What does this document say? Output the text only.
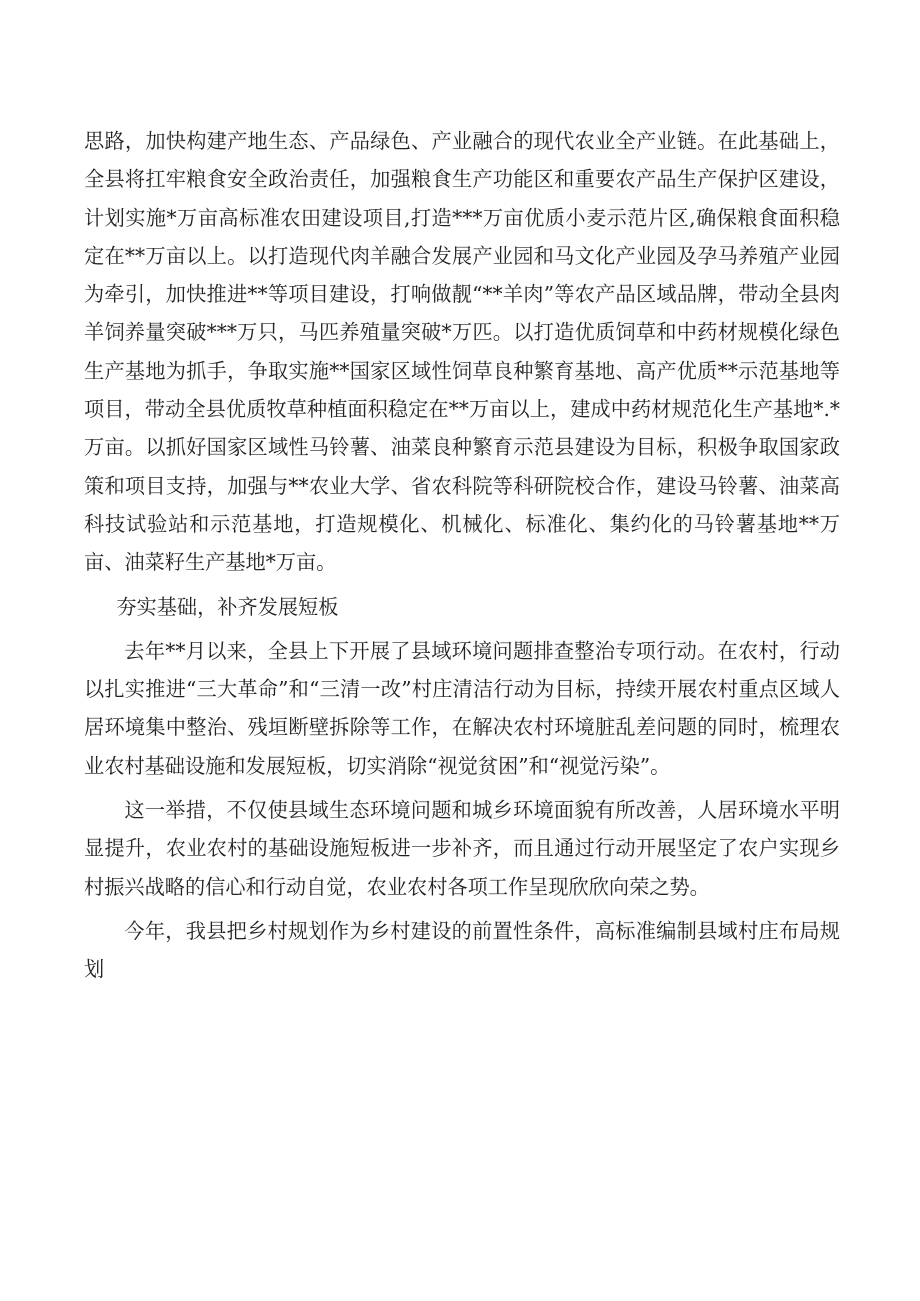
思路，加快构建产地生态、产品绿色、产业融合的现代农业全产业链。在此基础上，全县将扛牢粮食安全政治责任，加强粮食生产功能区和重要农产品生产保护区建设，计划实施*万亩高标准农田建设项目,打造***万亩优质小麦示范片区,确保粮食面积稳定在**万亩以上。以打造现代肉羊融合发展产业园和马文化产业园及孕马养殖产业园为牵引，加快推进**等项目建设，打响做靓“**羊肉”等农产品区域品牌，带动全县肉羊饲养量突破***万只，马匹养殖量突破*万匹。以打造优质饲草和中药材规模化绿色生产基地为抓手，争取实施**国家区域性饲草良种繁育基地、高产优质**示范基地等项目，带动全县优质牧草种植面积稳定在**万亩以上，建成中药材规范化生产基地*.*万亩。以抓好国家区域性马铃薯、油菜良种繁育示范县建设为目标，积极争取国家政策和项目支持，加强与**农业大学、省农科院等科研院校合作，建设马铃薯、油菜高科技试验站和示范基地，打造规模化、机械化、标准化、集约化的马铃薯基地**万亩、油菜籽生产基地*万亩。

夯实基础，补齐发展短板

去年**月以来，全县上下开展了县域环境问题排查整治专项行动。在农村，行动以扎实推进“三大革命”和“三清一改”村庄清洁行动为目标，持续开展农村重点区域人居环境集中整治、残垣断壁拆除等工作，在解决农村环境脏乱差问题的同时，梳理农业农村基础设施和发展短板，切实消除“视觉贫困”和“视觉污染”。

这一举措，不仅使县域生态环境问题和城乡环境面貌有所改善，人居环境水平明显提升，农业农村的基础设施短板进一步补齐，而且通过行动开展坚定了农户实现乡村振兴战略的信心和行动自觉，农业农村各项工作呈现欣欣向荣之势。

今年，我县把乡村规划作为乡村建设的前置性条件，高标准编制县域村庄布局规划
